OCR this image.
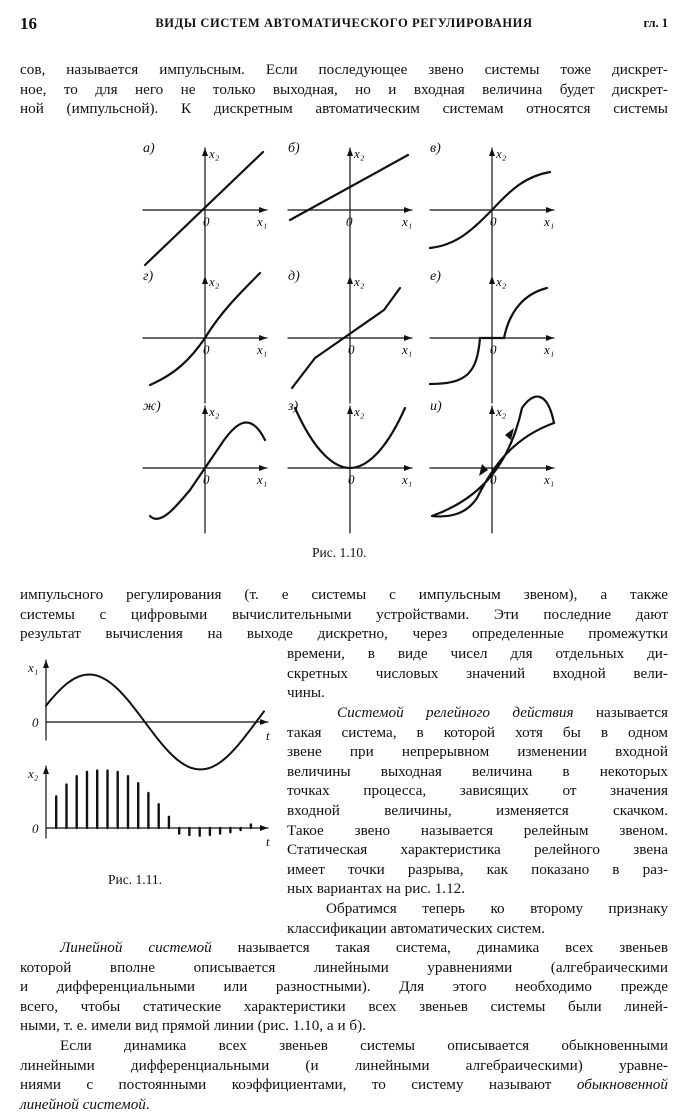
16	ВИДЫ СИСТЕМ АВТОМАТИЧЕСКОГО РЕГУЛИРОВАНИЯ	гл. 1

сов, называется импульсным. Если последующее звено системы тоже дискрет-
ное, то для него не только выходная, но и входная величина будет дискрет-
ной (импульсной). К дискретным автоматическим системам относятся системы

а)	x₂
x₁
0
б)	x₂
x₁
0
в)	x₂
x₁
0
г)	x₂
x₁
0
д)	x₂
x₁
0
е)	x₂
x₁
0
ж)	x₂
x₁
0
з)	x₂
x₁
0
и)	x₂
x₁
0
Рис. 1.10.

импульсного регулирования (т. е системы с импульсным звеном), а также
системы с цифровыми вычислительными устройствами. Эти последние дают
результат вычисления на выходе дискретно, через определенные промежутки

x₁
0
t
x₂
0
t
Рис. 1.11.

времени, в виде чисел для отдельных ди-
скретных числовых значений входной вели-
чины.

Системой релейного действия называется
такая система, в которой хотя бы в одном
звене при непрерывном изменении входной
величины выходная величина в некоторых
точках процесса, зависящих от значения
входной величины, изменяется скачком.
Такое звено называется релейным звеном.
Статическая характеристика релейного звена
имеет точки разрыва, как показано в раз-
ных вариантах на рис. 1.12.

Обратимся теперь ко второму признаку
классификации автоматических систем.

Линейной системой называется такая система, динамика всех звеньев
которой вполне описывается линейными уравнениями (алгебраическими
и дифференциальными или разностными). Для этого необходимо прежде
всего, чтобы статические характеристики всех звеньев системы были линей-
ными, т. е. имели вид прямой линии (рис. 1.10, а и б).

Если динамика всех звеньев системы описывается обыкновенными
линейными дифференциальными (и линейными алгебраическими) уравне-
ниями с постоянными коэффициентами, то систему называют обыкновенной
линейной системой.
